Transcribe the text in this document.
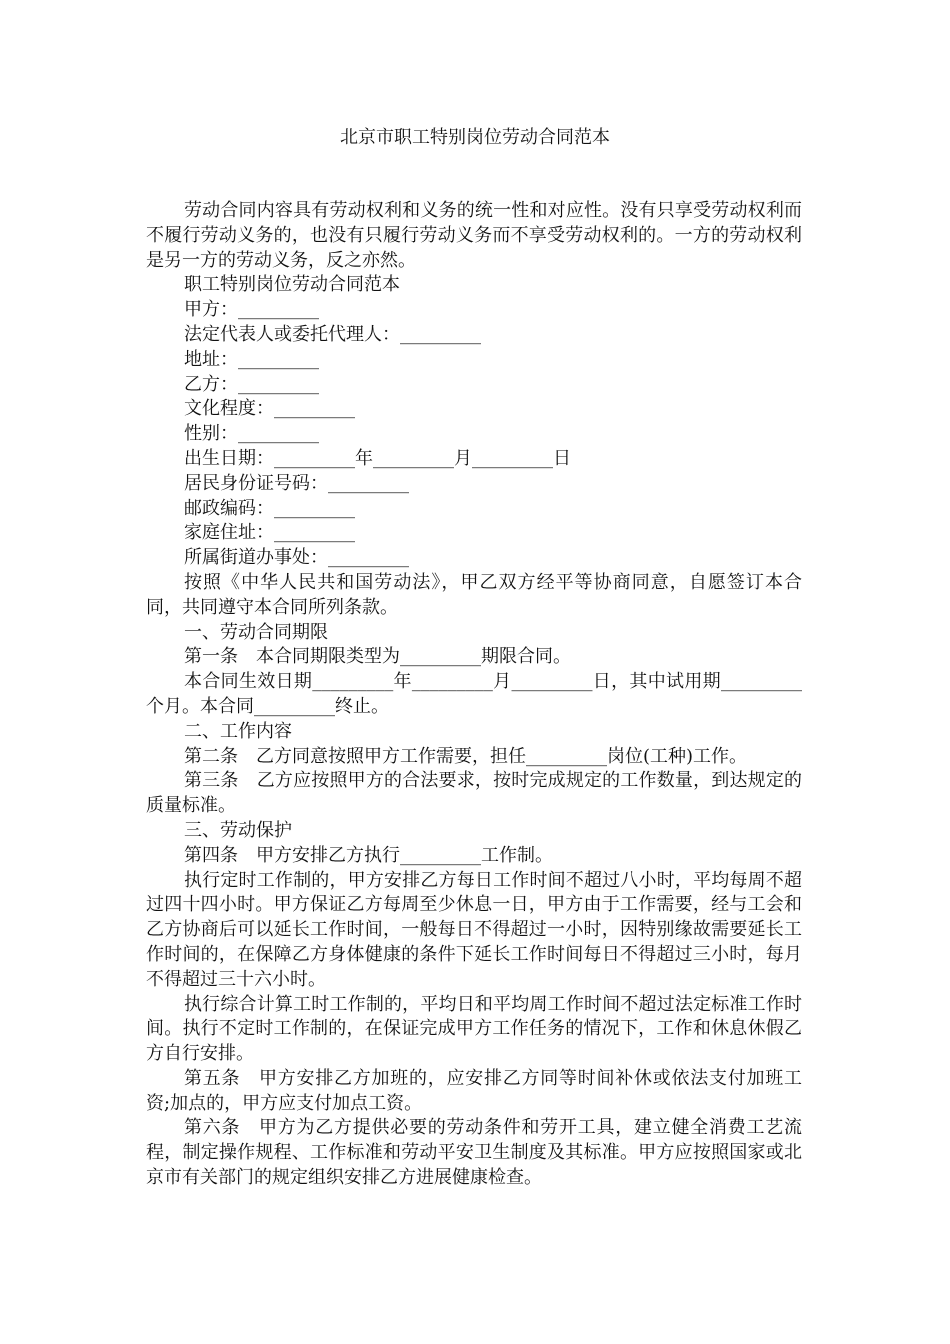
北京市职工特别岗位劳动合同范本

劳动合同内容具有劳动权利和义务的统一性和对应性。没有只享受劳动权利而不履行劳动义务的，也没有只履行劳动义务而不享受劳动权利的。一方的劳动权利是另一方的劳动义务，反之亦然。

职工特别岗位劳动合同范本

甲方：_________

法定代表人或委托代理人：_________

地址：_________

乙方：_________

文化程度：_________

性别：_________

出生日期：_________年_________月_________日

居民身份证号码：_________

邮政编码：_________

家庭住址：_________

所属街道办事处：_________

按照《中华人民共和国劳动法》，甲乙双方经平等协商同意，自愿签订本合同，共同遵守本合同所列条款。

一、劳动合同期限

第一条　本合同期限类型为_________期限合同。

本合同生效日期_________年_________月_________日，其中试用期_________个月。本合同_________终止。

二、工作内容

第二条　乙方同意按照甲方工作需要，担任_________岗位(工种)工作。

第三条　乙方应按照甲方的合法要求，按时完成规定的工作数量，到达规定的质量标准。

三、劳动保护

第四条　甲方安排乙方执行_________工作制。

执行定时工作制的，甲方安排乙方每日工作时间不超过八小时，平均每周不超过四十四小时。甲方保证乙方每周至少休息一日，甲方由于工作需要，经与工会和乙方协商后可以延长工作时间，一般每日不得超过一小时，因特别缘故需要延长工作时间的，在保障乙方身体健康的条件下延长工作时间每日不得超过三小时，每月不得超过三十六小时。

执行综合计算工时工作制的，平均日和平均周工作时间不超过法定标准工作时间。执行不定时工作制的，在保证完成甲方工作任务的情况下，工作和休息休假乙方自行安排。

第五条　甲方安排乙方加班的，应安排乙方同等时间补休或依法支付加班工资;加点的，甲方应支付加点工资。

第六条　甲方为乙方提供必要的劳动条件和劳开工具，建立健全消费工艺流程，制定操作规程、工作标准和劳动平安卫生制度及其标准。甲方应按照国家或北京市有关部门的规定组织安排乙方进展健康检查。
